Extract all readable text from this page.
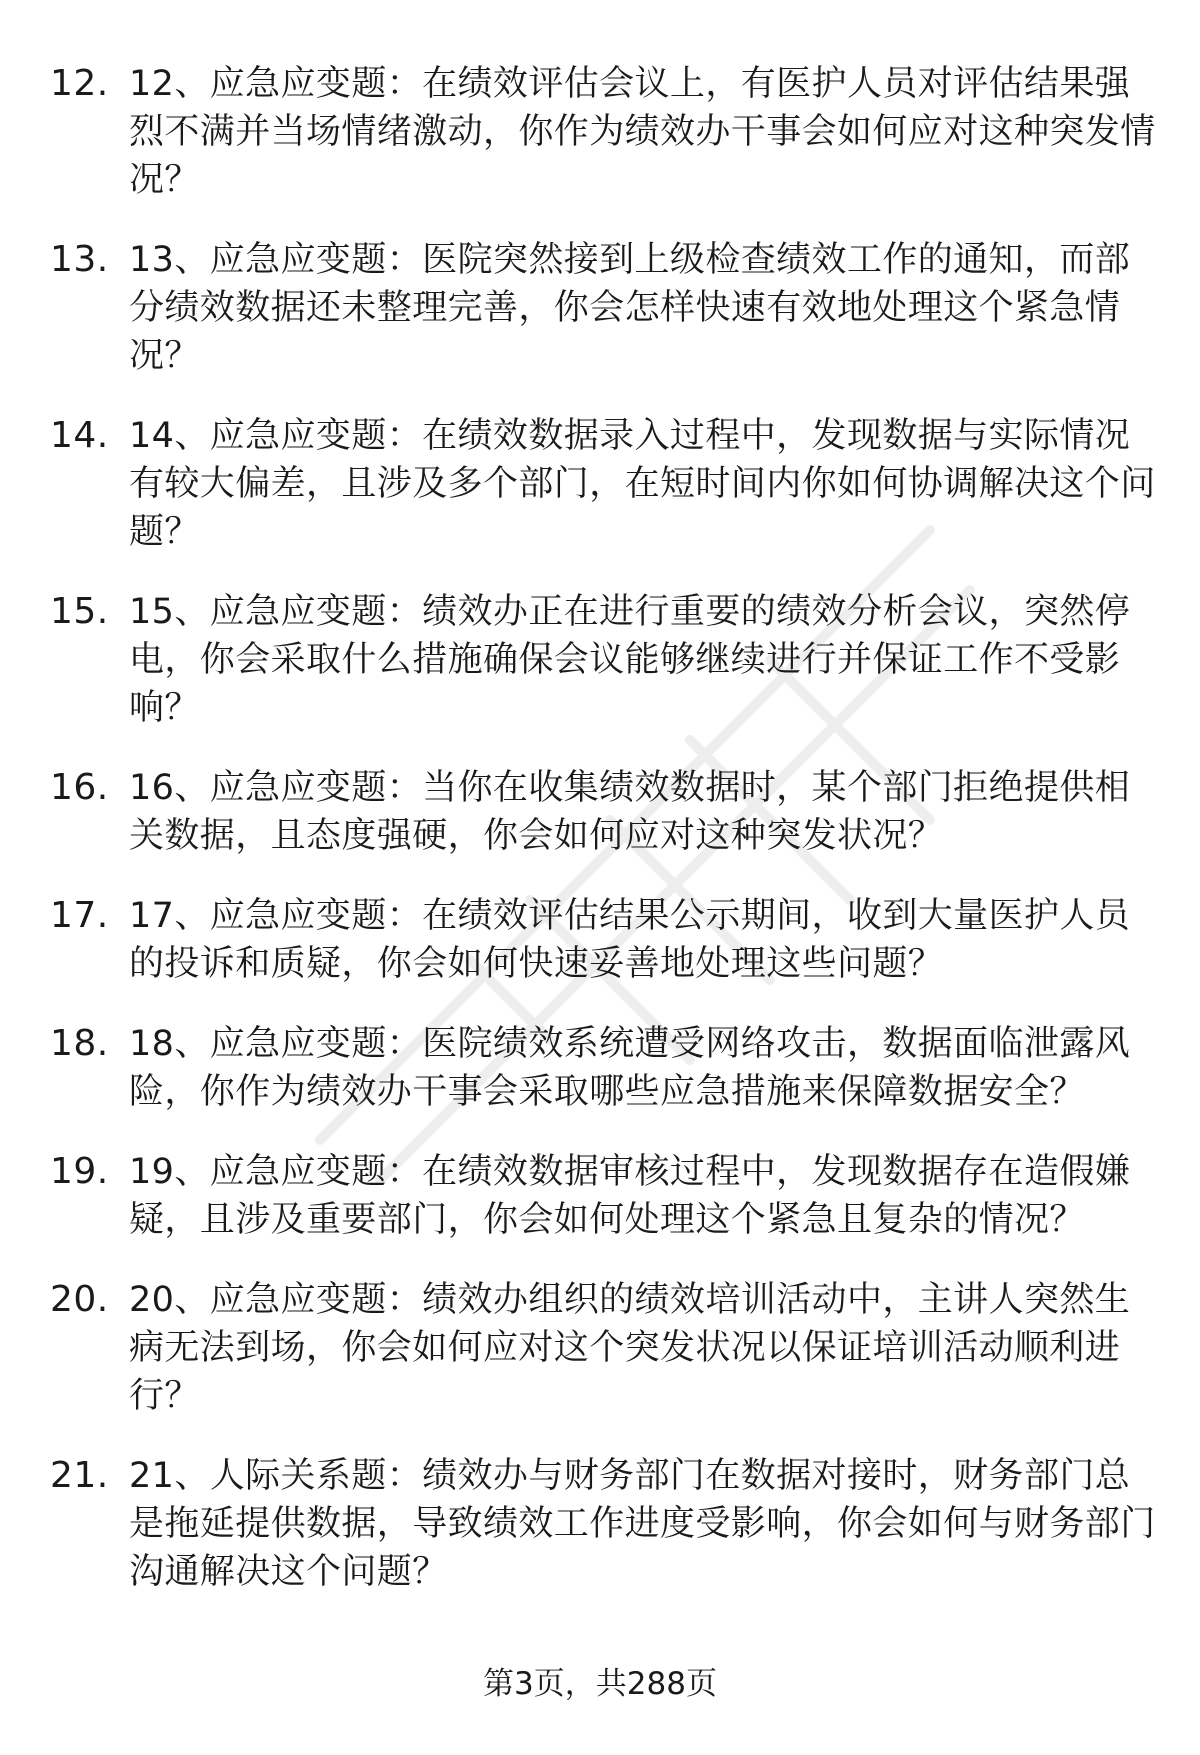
12. 12、应急应变题：在绩效评估会议上，有医护人员对评估结果强烈不满并当场情绪激动，你作为绩效办干事会如何应对这种突发情况？
13. 13、应急应变题：医院突然接到上级检查绩效工作的通知，而部分绩效数据还未整理完善，你会怎样快速有效地处理这个紧急情况？
14. 14、应急应变题：在绩效数据录入过程中，发现数据与实际情况有较大偏差，且涉及多个部门，在短时间内你如何协调解决这个问题？
15. 15、应急应变题：绩效办正在进行重要的绩效分析会议，突然停电，你会采取什么措施确保会议能够继续进行并保证工作不受影响？
16. 16、应急应变题：当你在收集绩效数据时，某个部门拒绝提供相关数据，且态度强硬，你会如何应对这种突发状况？
17. 17、应急应变题：在绩效评估结果公示期间，收到大量医护人员的投诉和质疑，你会如何快速妥善地处理这些问题？
18. 18、应急应变题：医院绩效系统遭受网络攻击，数据面临泄露风险，你作为绩效办干事会采取哪些应急措施来保障数据安全？
19. 19、应急应变题：在绩效数据审核过程中，发现数据存在造假嫌疑，且涉及重要部门，你会如何处理这个紧急且复杂的情况？
20. 20、应急应变题：绩效办组织的绩效培训活动中，主讲人突然生病无法到场，你会如何应对这个突发状况以保证培训活动顺利进行？
21. 21、人际关系题：绩效办与财务部门在数据对接时，财务部门总是拖延提供数据，导致绩效工作进度受影响，你会如何与财务部门沟通解决这个问题？
第3页，共288页
